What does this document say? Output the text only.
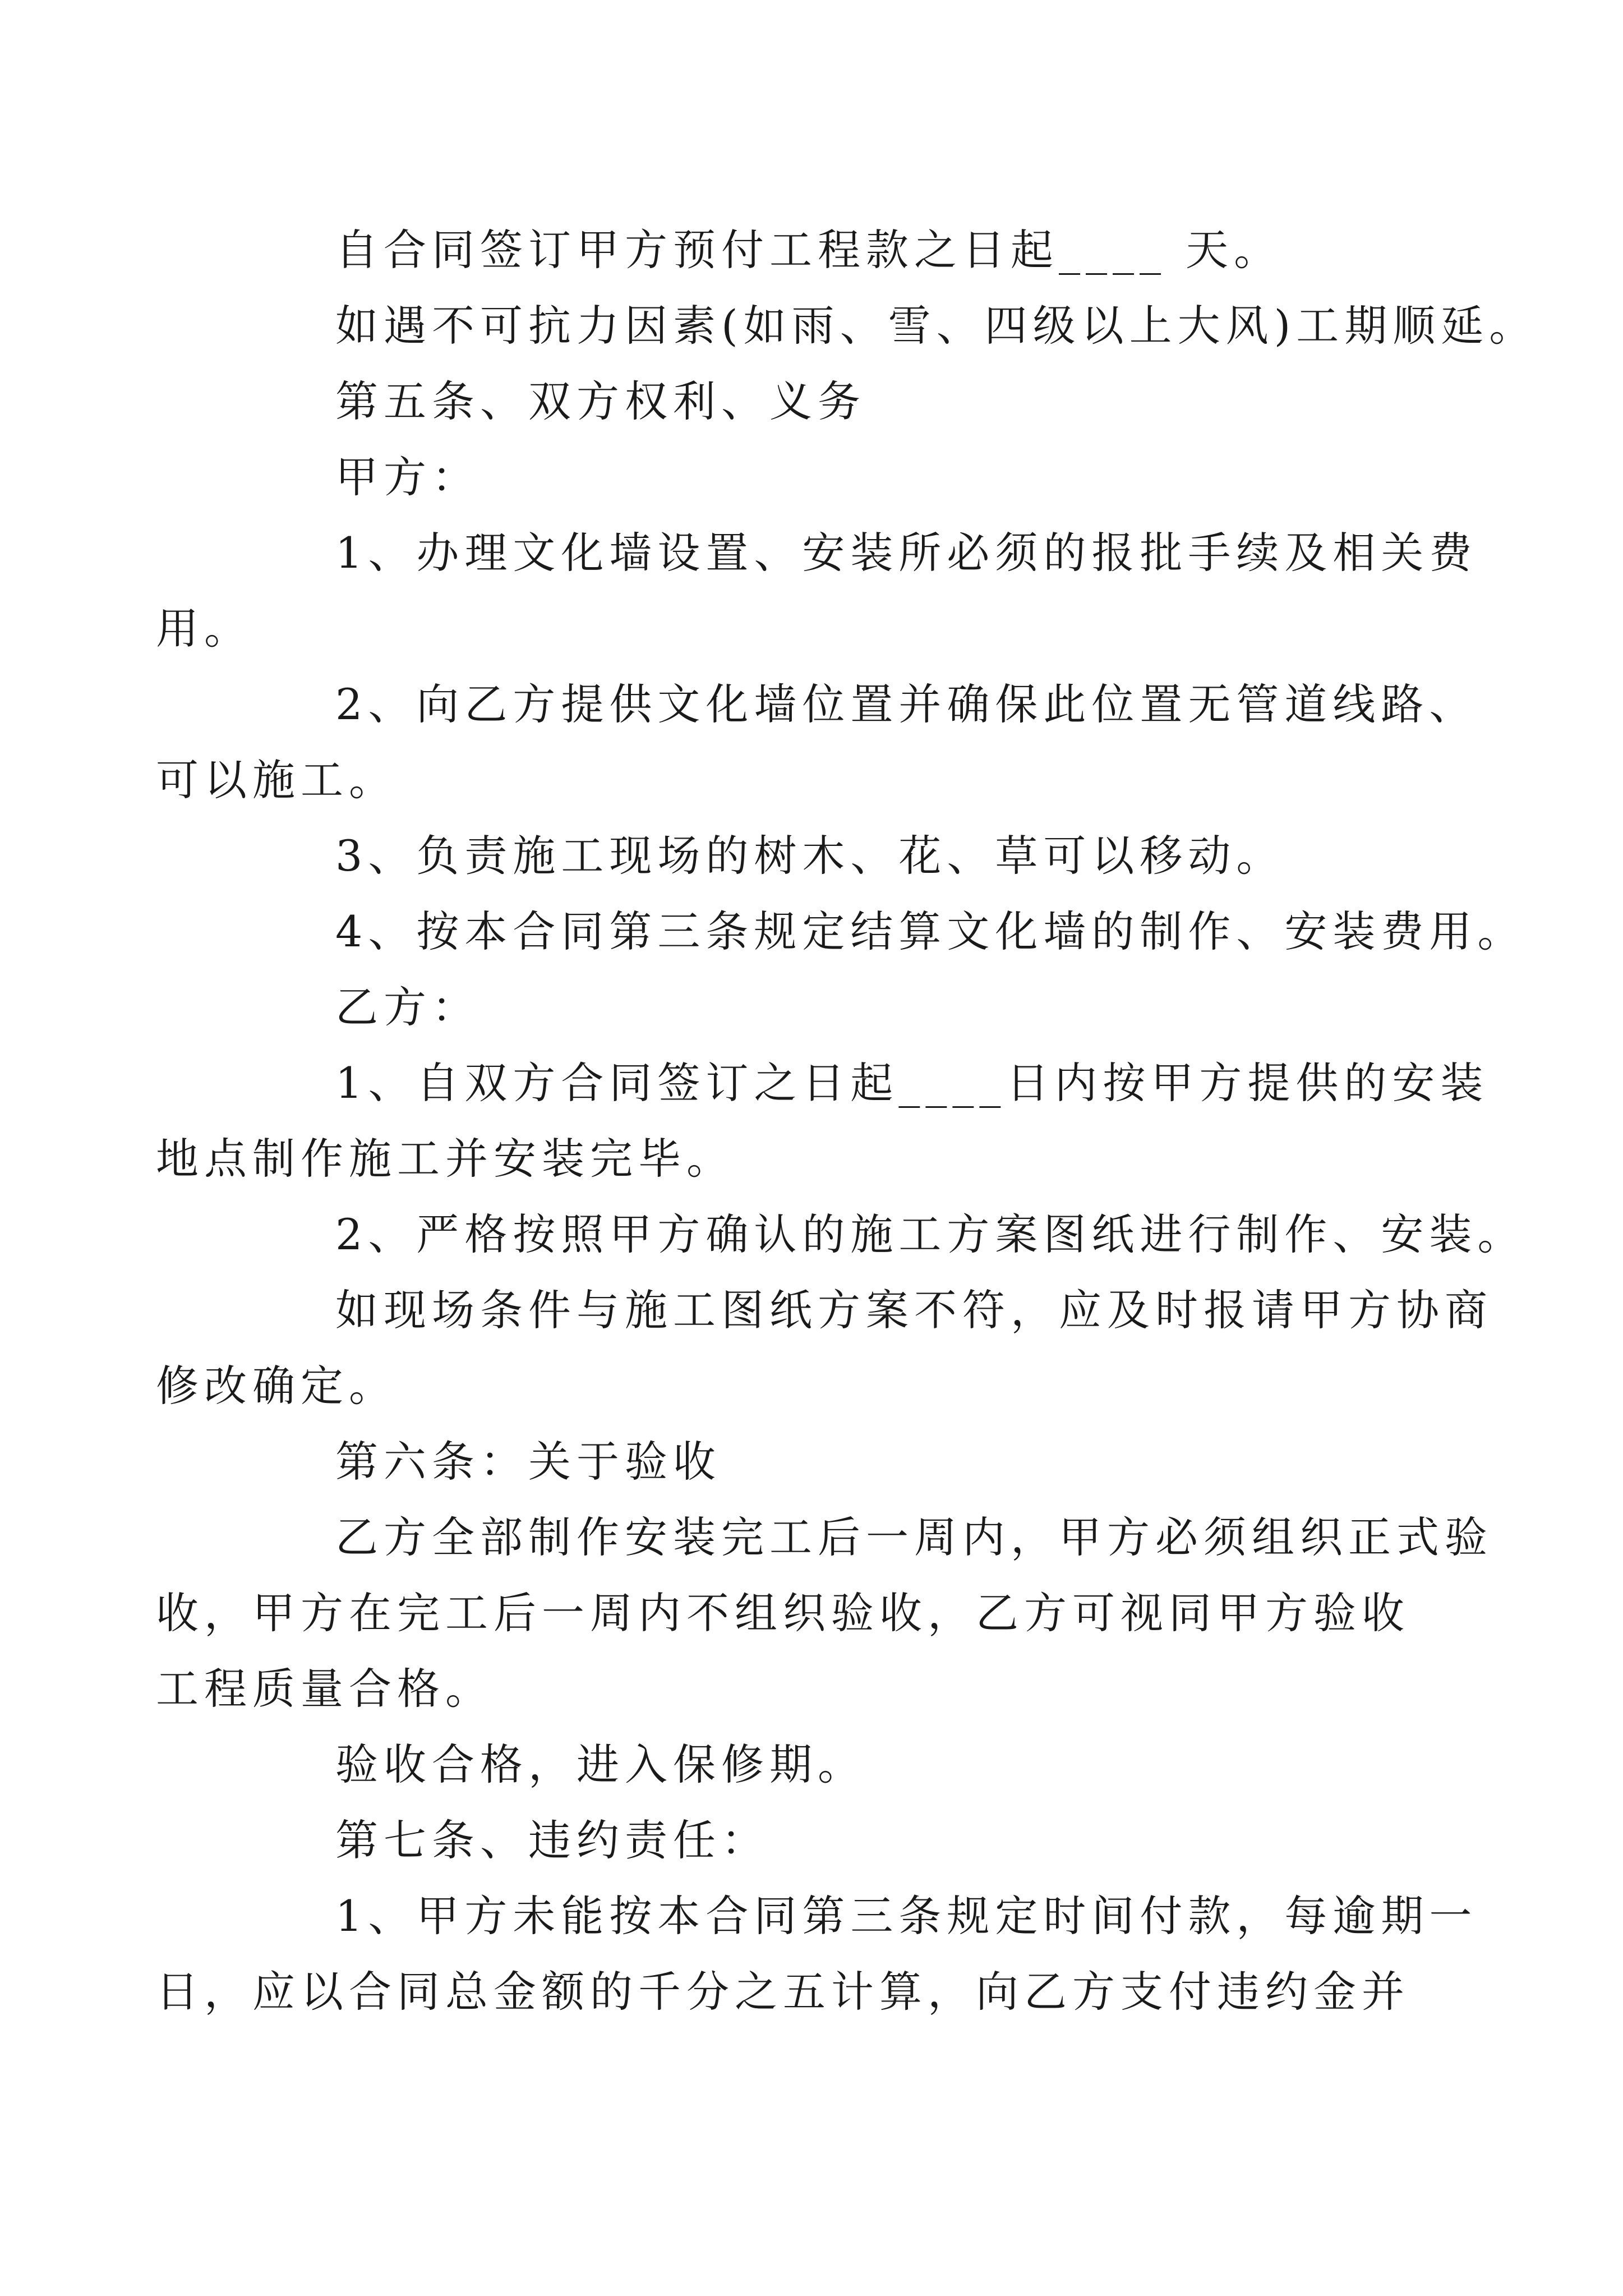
自合同签订甲方预付工程款之日起____ 天。

如遇不可抗力因素(如雨、雪、四级以上大风)工期顺延。

第五条、双方权利、义务

甲方：

1、办理文化墙设置、安装所必须的报批手续及相关费
用。

2、向乙方提供文化墙位置并确保此位置无管道线路、
可以施工。

3、负责施工现场的树木、花、草可以移动。

4、按本合同第三条规定结算文化墙的制作、安装费用。

乙方：

1、自双方合同签订之日起____日内按甲方提供的安装
地点制作施工并安装完毕。

2、严格按照甲方确认的施工方案图纸进行制作、安装。

如现场条件与施工图纸方案不符，应及时报请甲方协商
修改确定。

第六条：关于验收

乙方全部制作安装完工后一周内，甲方必须组织正式验
收，甲方在完工后一周内不组织验收，乙方可视同甲方验收
工程质量合格。

验收合格，进入保修期。

第七条、违约责任：

1、甲方未能按本合同第三条规定时间付款，每逾期一
日，应以合同总金额的千分之五计算，向乙方支付违约金并
